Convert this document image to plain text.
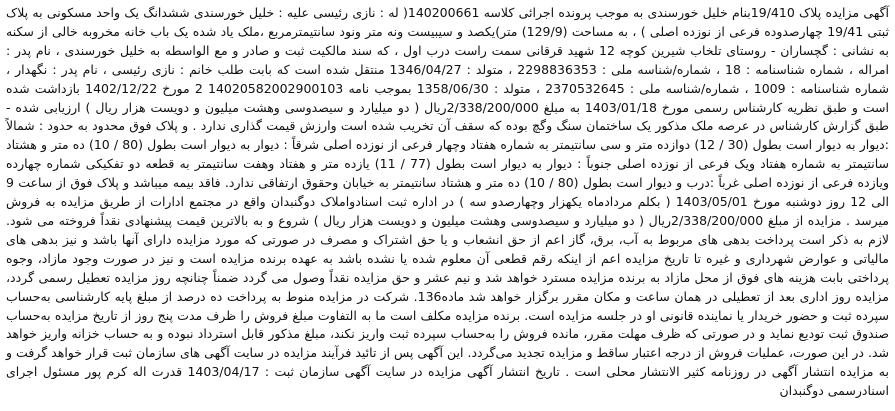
آگهی مزایده پلاک 19/410بنام خلیل خورسندی به موجب پرونده اجرائی کلاسه 140200661( له : نازی رئیسی علیه : خلیل خورسندی ششدانگ یک واحد مسکونی به پلاک ثبتی 19/41 چهارصدوده فرعی از نوزده اصلی ) ، به مساحت (129/9) متر)یکصد و سیبیست ونه متر ونود سانتیمترمربع ،ملک یاد شده یک باب خانه مخروبه خالی از سکنه به نشانی : گچساران - روستای تلخاب شیرین کوچه 12 شهید قرقانی سمت راست درب اول ، که سند مالکیت ثبت و صادر و مع الواسطه به خلیل خورسندی ، نام پدر : امراله ، شماره شناسنامه : 18 ، شماره/شناسه ملی : 2298836353 ، متولد : 1346/04/27 منتقل شده است که بابت طلب خانم : نازی رئیسی ، نام پدر : نگهدار ، شماره شناسنامه : 1009 ، شماره/شناسه ملی : 2370532645 ، متولد : 1358/06/30 بموجب نامه 14020582002900103 2 مورخ 1402/12/22 بازداشت شده است و طبق نظریه کارشناس رسمی مورخ 1403/01/18 به مبلغ 2/338/200/000ریال ( دو میلیارد و سیصدوسی وهشت میلیون و دویست هزار ریال ) ارزیابی شده - طبق گزارش کارشناس در عرصه ملک مذکور یک ساختمان سنگ وگچ بوده که سقف آن تخریب شده است وارزش قیمت گذاری ندارد . و پلاک فوق محدود به حدود : شمالاً :دیوار به دیوار است بطول (30 / 12) دوازده متر و سی سانتیمتر به شماره هفتاد وچهار فرعی از نوزده اصلی شرقاً : دیوار به دیوار است بطول (80 / 10) ده متر و هشتاد سانتیمتر به شماره هفتاد ویک فرعی از نوزده اصلی جنوباً : دیوار به دیوار است بطول (77 / 11) یازده متر و هفتاد وهفت سانتیمتر به قطعه دو تفکیکی شماره چهارده ویازده فرعی از نوزده اصلی غرباً :درب و دیوار است بطول (80 / 10) ده متر و هشتاد سانتیمتر به خیابان وحقوق ارتفاقی ندارد. فاقد بیمه میباشد و پلاک فوق از ساعت 9 الی 12 روز دوشنبه مورخ 1403/05/01 ( بکلم مردادماه یکهزار وچهارصدو سه ) در اداره ثبت اسنادواملاک دوگنبدان واقع در مجتمع ادارات از طریق مزایده به فروش میرسد . مزایده از مبلغ 2/338/200/000ریال ( دو میلیارد و سیصدوسی وهشت میلیون و دویست هزار ریال ) شروع و به بالاترین قیمت پیشنهادی نقداً فروخته می شود. لازم به ذکر است پرداخت بدهی های مربوط به آب، برق، گاز اعم از حق انشعاب و یا حق اشتراک و مصرف در صورتی که مورد مزایده دارای آنها باشد و نیز بدهی های مالیاتی و عوارض شهرداری و غیره تا تاریخ مزایده اعم از اینکه رقم قطعی آن معلوم شده یا نشده باشد به عهده برنده مزایده است و نیز در صورت وجود مازاد، وجوه پرداختی بابت هزینه های فوق از محل مازاد به برنده مزایده مسترد خواهد شد و نیم عشر و حق مزایده نقداً وصول می گردد ضمناً چنانچه روز مزایده تعطیل رسمی گردد، مزایده روز اداری بعد از تعطیلی در همان ساعت و مکان مقرر برگزار خواهد شد ماده136. شرکت در مزایده منوط به پرداخت ده درصد از مبلغ پایه کارشناسی به‌حساب سپرده ثبت و حضور خریدار یا نماینده قانونی او در جلسه مزایده است. برنده مزایده مکلف است ما به التفاوت مبلغ فروش را ظرف مدت پنج روز از تاریخ مزایده به‌حساب صندوق ثبت تودیع نماید و در صورتی که ظرف مهلت مقرر، مانده فروش را به‌حساب سپرده ثبت واریز نکند، مبلغ مذکور قابل استرداد نبوده و به حساب خزانه واریز خواهد شد. در این صورت، عملیات فروش از درجه اعتبار ساقط و مزایده تجدید می‌گردد. این آگهی پس از تائید فرآیند مزایده در سایت آگهی های سازمان ثبت قرار خواهد گرفت و به مزایده انتشار آگهی در روزنامه کثیر الانتشار محلی است . تاریخ انتشار آگهی مزایده در سایت آگهی سازمان ثبت : 1403/04/17 قدرت اله کرم پور مسئول اجرای اسنادرسمی دوگنبدان
